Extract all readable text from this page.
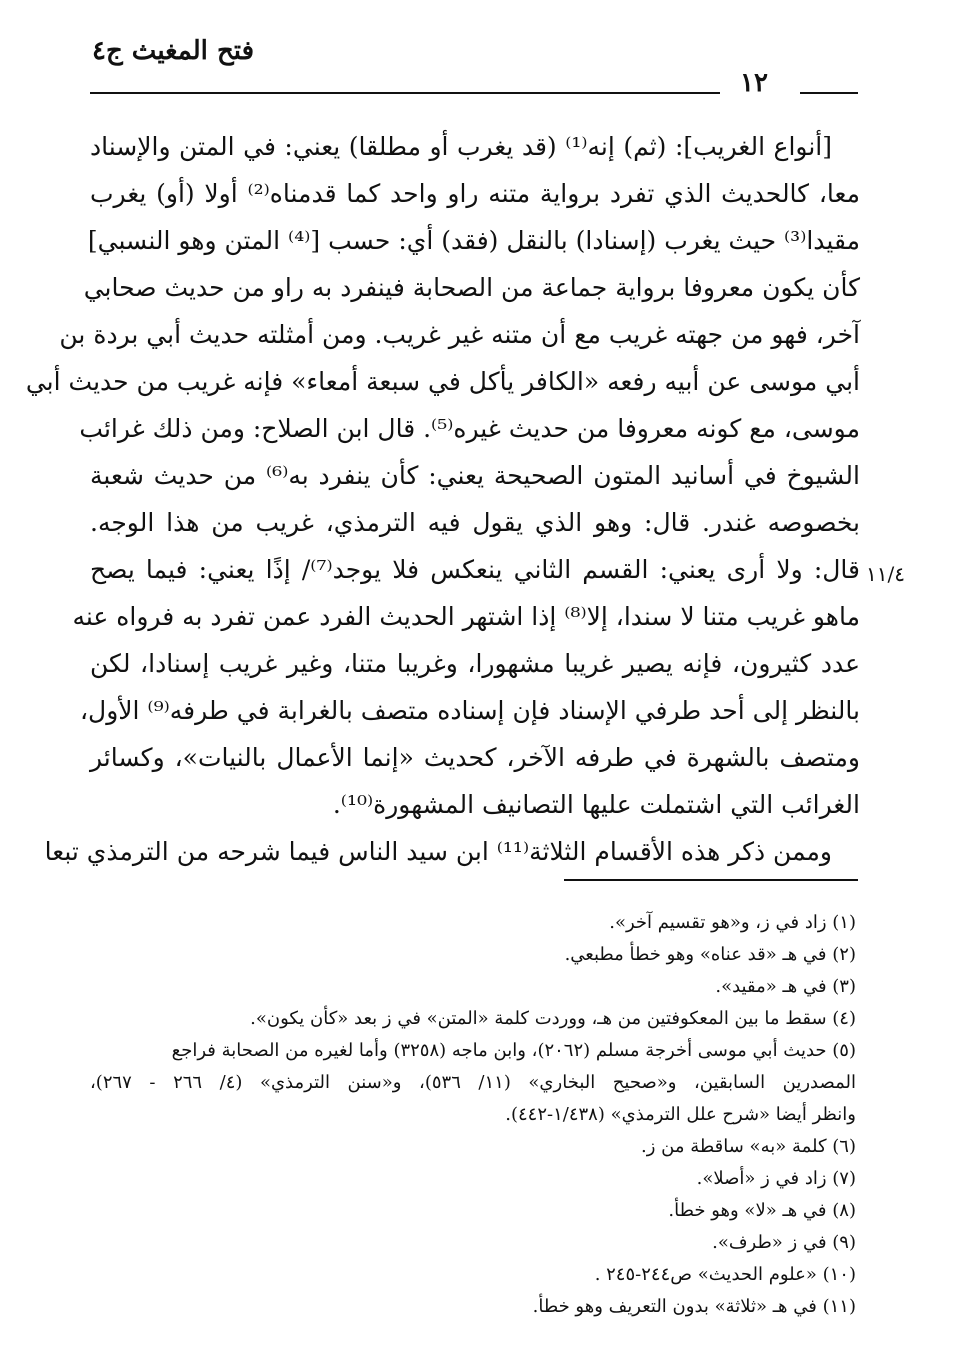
فتح المغيث ج٤
١٢
[أنواع الغريب]: (ثم) إنه⁽¹⁾ (قد يغرب أو مطلقا) يعني: في المتن والإسناد
معا، كالحديث الذي تفرد برواية متنه راو واحد كما قدمناه⁽²⁾ أولا (أو) يغرب
مقيدا⁽³⁾ حيث يغرب (إسنادا) بالنقل (فقد) أي: حسب [⁽⁴⁾ المتن وهو النسبي]
كأن يكون معروفا برواية جماعة من الصحابة فينفرد به راو من حديث صحابي
آخر، فهو من جهته غريب مع أن متنه غير غريب. ومن أمثلته حديث أبي بردة بن
أبي موسى عن أبيه رفعه «الكافر يأكل في سبعة أمعاء» فإنه غريب من حديث أبي
موسى، مع كونه معروفا من حديث غيره⁽⁵⁾. قال ابن الصلاح: ومن ذلك غرائب
الشيوخ في أسانيد المتون الصحيحة يعني: كأن ينفرد به⁽⁶⁾ من حديث شعبة
بخصوصه غندر. قال: وهو الذي يقول فيه الترمذي، غريب من هذا الوجه.
قال: ولا أرى يعني: القسم الثاني ينعكس فلا يوجد⁽⁷⁾/ إذًا يعني: فيما يصح
ماهو غريب متنا لا سندا، إلا⁽⁸⁾ إذا اشتهر الحديث الفرد عمن تفرد به فرواه عنه
عدد كثيرون، فإنه يصير غريبا مشهورا، وغريبا متنا، وغير غريب إسنادا، لكن
بالنظر إلى أحد طرفي الإسناد فإن إسناده متصف بالغرابة في طرفه⁽⁹⁾ الأول،
ومتصف بالشهرة في طرفه الآخر، كحديث «إنما الأعمال بالنيات»، وكسائر
الغرائب التي اشتملت عليها التصانيف المشهورة⁽¹⁰⁾.
وممن ذكر هذه الأقسام الثلاثة⁽¹¹⁾ ابن سيد الناس فيما شرحه من الترمذي تبعا
١١/٤
(١) زاد في ز، و«هو تقسيم آخر».
(٢) في هـ «قد عناه» وهو خطأ مطبعي.
(٣) في هـ «مقيد».
(٤) سقط ما بين المعكوفتين من هـ، ووردت كلمة «المتن» في ز بعد «كأن يكون».
(٥) حديث أبي موسى أخرجة مسلم (٢٠٦٢)، وابن ماجه (٣٢٥٨) وأما لغيره من الصحابة فراجع
المصدرين السابقين، و«صحيح البخاري» (١١/ ٥٣٦)، و«سنن الترمذي» (٤/ ٢٦٦ - ٢٦٧)،
وانظر أيضا «شرح علل الترمذي» (١/٤٣٨-٤٤٢).
(٦) كلمة «به» ساقطة من ز.
(٧) زاد في ز «أصلا».
(٨) في هـ «لا» وهو خطأ.
(٩) في ز «طرف».
(١٠) «علوم الحديث» ص٢٤٤-٢٤٥ .
(١١) في هـ «ثلاثة» بدون التعريف وهو خطأ.
